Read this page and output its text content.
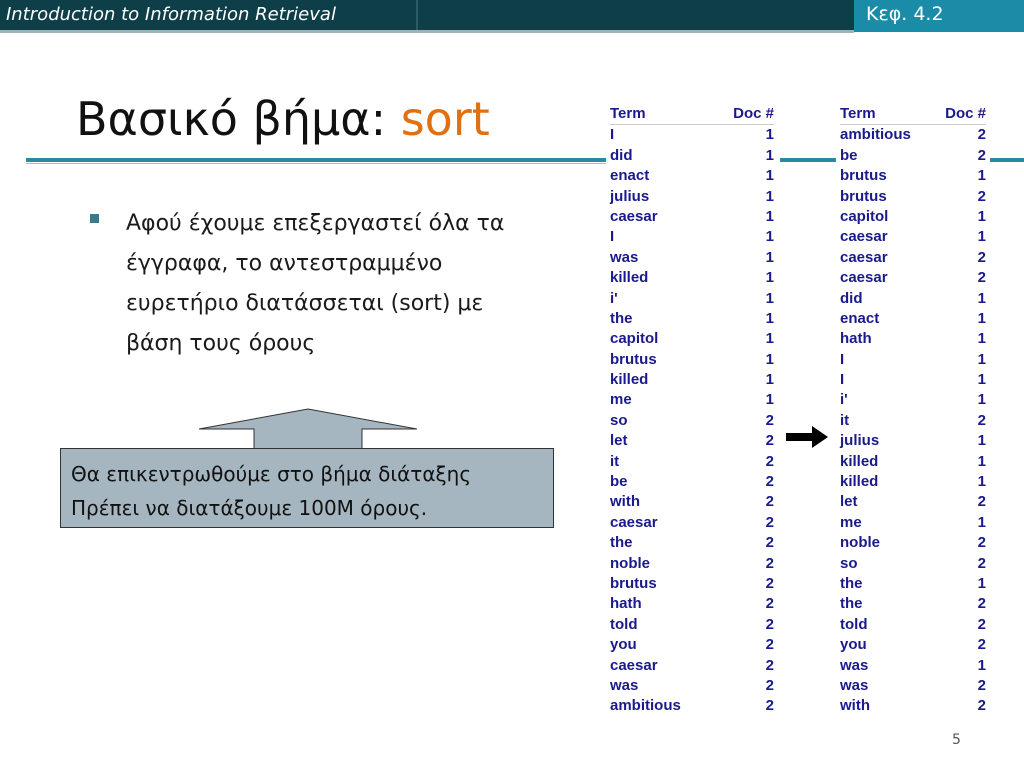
Introduction to Information Retrieval	Κεφ. 4.2
Βασικό βήμα: sort
Αφού έχουμε επεξεργαστεί όλα τα έγγραφα, το αντεστραμμένο ευρετήριο διατάσσεται (sort) με βάση τους όρους
Θα επικεντρωθούμε στο βήμα διάταξης
Πρέπει να διατάξουμε 100M όρους.
Term	Doc #
I	1
did	1
enact	1
julius	1
caesar	1
I	1
was	1
killed	1
i'	1
the	1
capitol	1
brutus	1
killed	1
me	1
so	2
let	2
it	2
be	2
with	2
caesar	2
the	2
noble	2
brutus	2
hath	2
told	2
you	2
caesar	2
was	2
ambitious	2
Term	Doc #
ambitious	2
be	2
brutus	1
brutus	2
capitol	1
caesar	1
caesar	2
caesar	2
did	1
enact	1
hath	1
I	1
I	1
i'	1
it	2
julius	1
killed	1
killed	1
let	2
me	1
noble	2
so	2
the	1
the	2
told	2
you	2
was	1
was	2
with	2
5
